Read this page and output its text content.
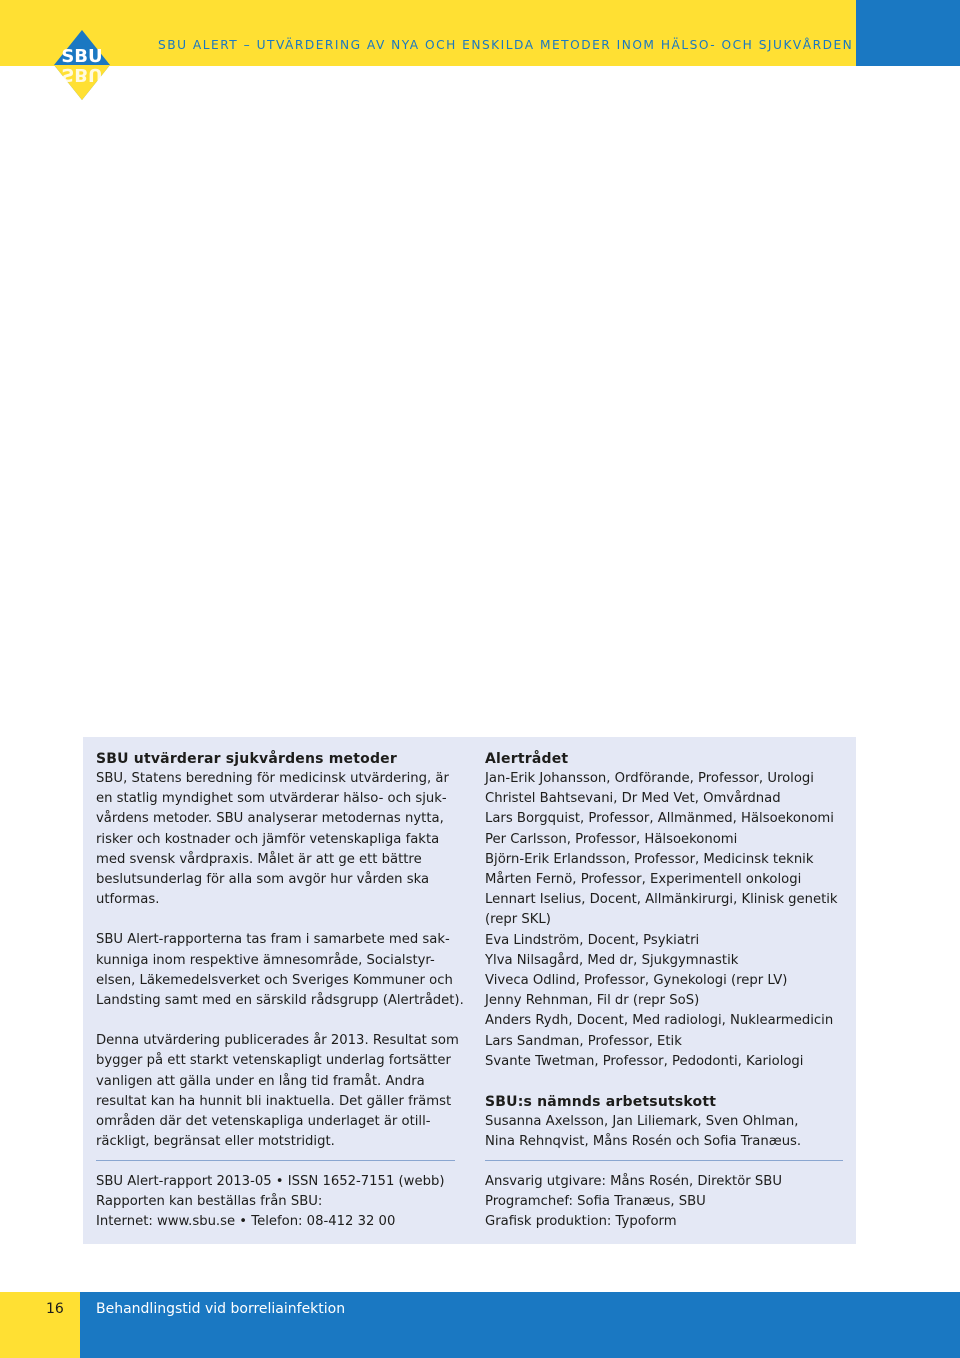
SBU ALERT – UTVÄRDERING AV NYA OCH ENSKILDA METODER INOM HÄLSO- OCH SJUKVÅRDEN
SBU
SBU
SBU utvärderar sjukvårdens metoder
SBU, Statens beredning för medicinsk utvärdering, är
en statlig myndighet som utvärderar hälso- och sjuk-
vårdens metoder. SBU analyserar metodernas nytta,
risker och kostnader och jämför vetenskapliga fakta
med svensk vårdpraxis. Målet är att ge ett bättre
beslutsunderlag för alla som avgör hur vården ska
utformas.
SBU Alert-rapporterna tas fram i samarbete med sak-
kunniga inom respektive ämnesområde, Socialstyr-
elsen, Läkemedelsverket och Sveriges Kommuner och
Landsting samt med en särskild rådsgrupp (Alertrådet).
Denna utvärdering publicerades år 2013. Resultat som
bygger på ett starkt vetenskapligt underlag fortsätter
vanligen att gälla under en lång tid framåt. Andra
resultat kan ha hunnit bli inaktuella. Det gäller främst
områden där det vetenskapliga underlaget är otill-
räckligt, begränsat eller motstridigt.
Alertrådet
Jan-Erik Johansson, Ordförande, Professor, Urologi
Christel Bahtsevani, Dr Med Vet, Omvårdnad
Lars Borgquist, Professor, Allmänmed, Hälsoekonomi
Per Carlsson, Professor, Hälsoekonomi
Björn-Erik Erlandsson, Professor, Medicinsk teknik
Mårten Fernö, Professor, Experimentell onkologi
Lennart Iselius, Docent, Allmänkirurgi, Klinisk genetik
(repr SKL)
Eva Lindström, Docent, Psykiatri
Ylva Nilsagård, Med dr, Sjukgymnastik
Viveca Odlind, Professor, Gynekologi (repr LV)
Jenny Rehnman, Fil dr (repr SoS)
Anders Rydh, Docent, Med radiologi, Nuklearmedicin
Lars Sandman, Professor, Etik
Svante Twetman, Professor, Pedodonti, Kariologi
SBU:s nämnds arbetsutskott
Susanna Axelsson, Jan Liliemark, Sven Ohlman,
Nina Rehnqvist, Måns Rosén och Sofia Tranæus.
SBU Alert-rapport 2013-05 • ISSN 1652-7151 (webb)
Rapporten kan beställas från SBU:
Internet: www.sbu.se • Telefon: 08-412 32 00
Ansvarig utgivare: Måns Rosén, Direktör SBU
Programchef: Sofia Tranæus, SBU
Grafisk produktion: Typoform
16 Behandlingstid vid borreliainfektion
